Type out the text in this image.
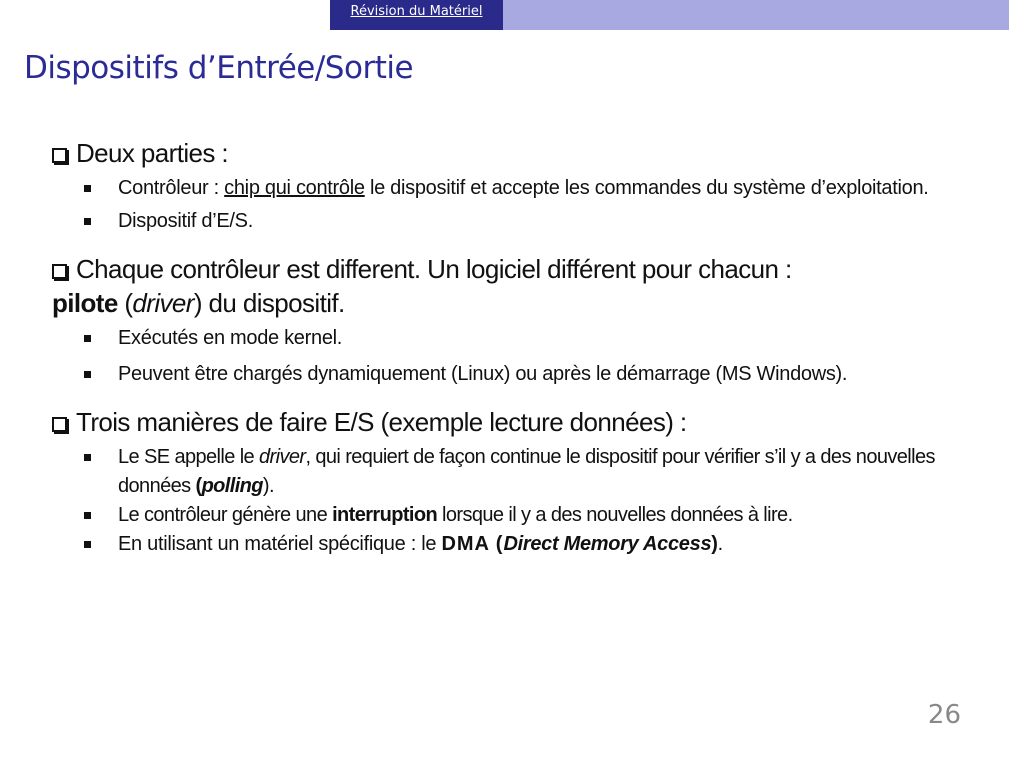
Révision du Matériel
Dispositifs d’Entrée/Sortie

Deux parties :

Contrôleur : chip qui contrôle le dispositif et accepte les commandes du système d’exploitation.
Dispositif d’E/S.

Chaque contrôleur est different. Un logiciel différent pour chacun :
pilote (driver) du dispositif.

Exécutés en mode kernel.
Peuvent être chargés dynamiquement (Linux) ou après le démarrage (MS Windows).

Trois manières de faire E/S (exemple lecture données) :

Le SE appelle le driver, qui requiert de façon continue le dispositif pour vérifier s’il y a des nouvelles données (polling).
Le contrôleur génère une interruption lorsque il y a des nouvelles données à lire.
En utilisant un matériel spécifique : le DMA (Direct Memory Access).
26
